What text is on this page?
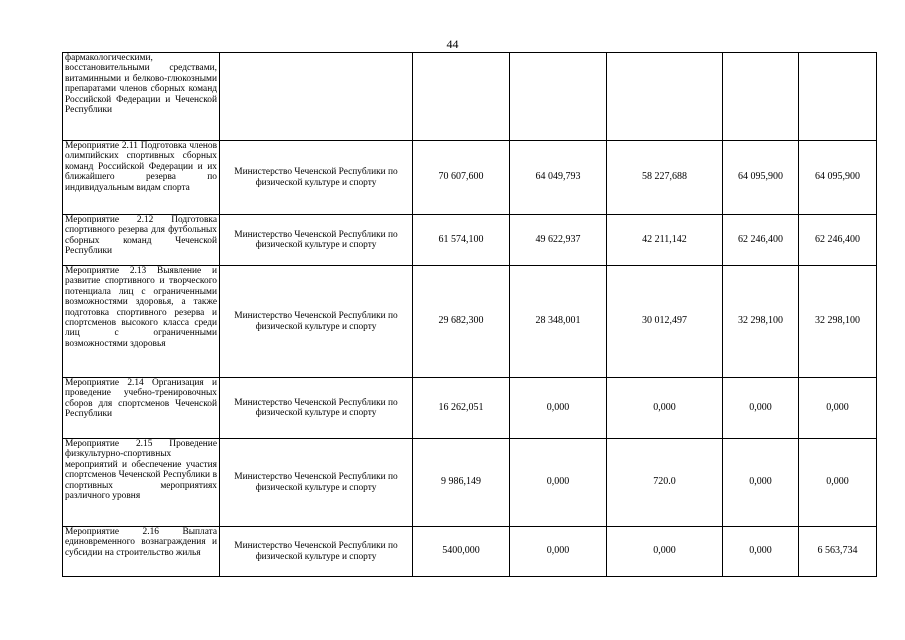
44
фармакологическими, восстановительными средствами, витаминными и белково-глюкозными препаратами членов сборных команд Российской Федерации и Чеченской Республики						

Мероприятие 2.11 Подготовка членов олимпийских спортивных сборных команд Российской Федерации и их ближайшего резерва по индивидуальным видам спорта	Министерство Чеченской Республики по физической культуре и спорту	70 607,600	64 049,793	58 227,688	64 095,900	64 095,900

Мероприятие 2.12 Подготовка спортивного резерва для футбольных сборных команд Чеченской Республики	Министерство Чеченской Республики по физической культуре и спорту	61 574,100	49 622,937	42 211,142	62 246,400	62 246,400

Мероприятие 2.13 Выявление и развитие спортивного и творческого потенциала лиц с ограниченными возможностями здоровья, а также подготовка спортивного резерва и спортсменов высокого класса среди лиц с ограниченными возможностями здоровья	Министерство Чеченской Республики по физической культуре и спорту	29 682,300	28 348,001	30 012,497	32 298,100	32 298,100

Мероприятие 2.14 Организация и проведение учебно-тренировочных сборов для спортсменов Чеченской Республики	Министерство Чеченской Республики по физической культуре и спорту	16 262,051	0,000	0,000	0,000	0,000

Мероприятие 2.15 Проведение физкультурно-спортивных мероприятий и обеспечение участия спортсменов Чеченской Республики в спортивных мероприятиях различного уровня	Министерство Чеченской Республики по физической культуре и спорту	9 986,149	0,000	720.0	0,000	0,000

Мероприятие 2.16 Выплата единовременного вознаграждения и субсидии на строительство жилья	Министерство Чеченской Республики по физической культуре и спорту	5400,000	0,000	0,000	0,000	6 563,734
